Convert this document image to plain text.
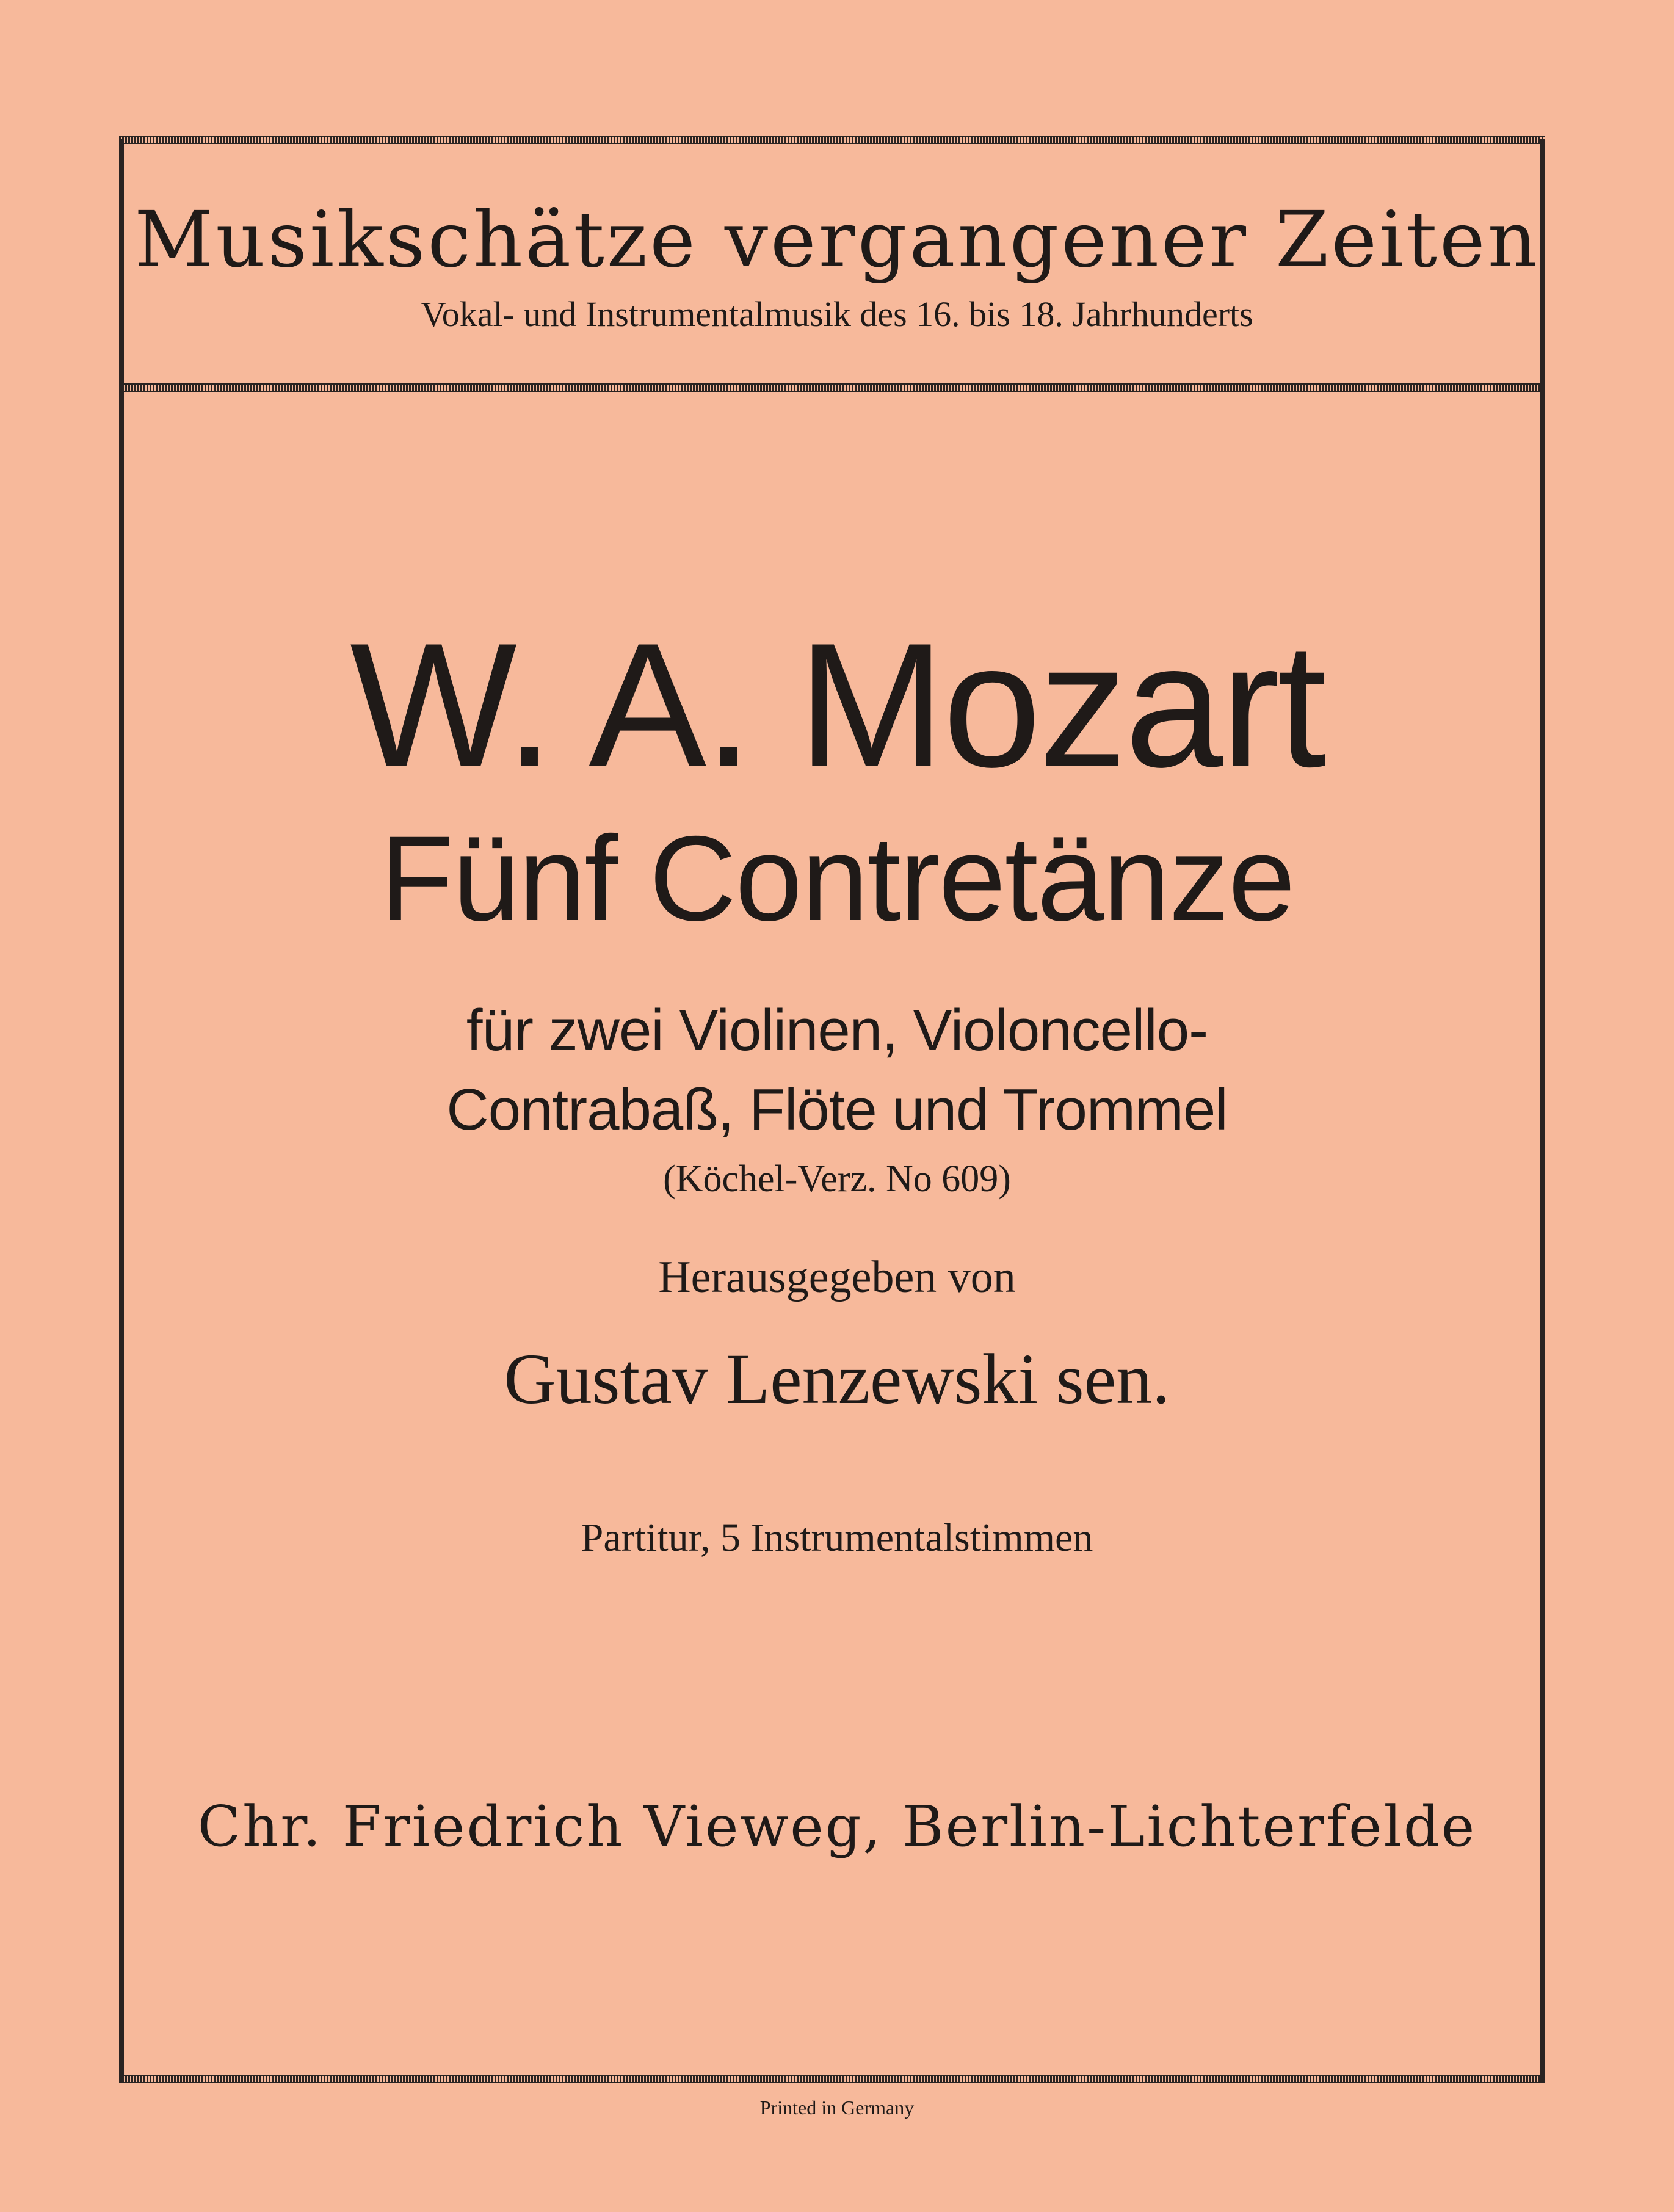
Musikschätze vergangener Zeiten
Vokal- und Instrumentalmusik des 16. bis 18. Jahrhunderts
W. A. Mozart
Fünf Contretänze
für zwei Violinen, Violoncello-
Contrabaß, Flöte und Trommel
(Köchel-Verz. No 609)
Herausgegeben von
Gustav Lenzewski sen.
Partitur, 5 Instrumentalstimmen
Chr. Friedrich Vieweg, Berlin-Lichterfelde
Printed in Germany
